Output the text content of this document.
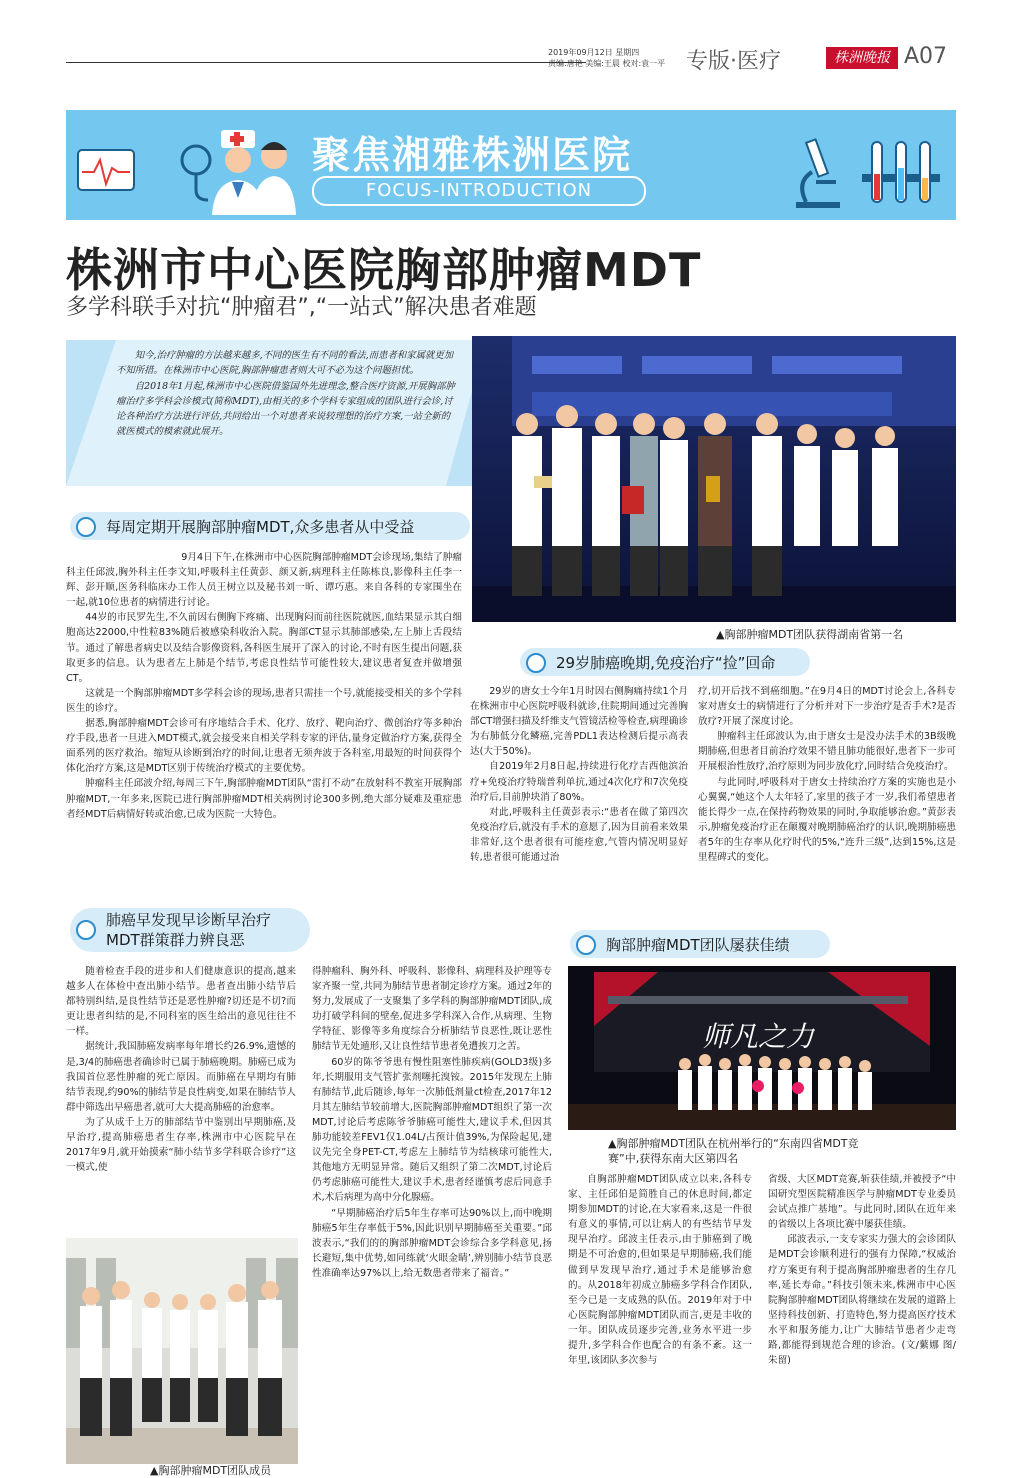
2019年09月12日 星期四
责编:唐艳 美编:王晨 校对:袁一平 专版·医疗	株洲晚报 A07
聚焦湘雅株洲医院
FOCUS-INTRODUCTION
株洲市中心医院胸部肿瘤MDT
多学科联手对抗“肿瘤君”,“一站式”解决患者难题

知今,治疗肿瘤的方法越来越多,不同的医生有不同的看法,而患者和家属就更加不知所措。在株洲市中心医院,胸部肿瘤患者则大可不必为这个问题担忧。

自2018年1月起,株洲市中心医院借鉴国外先进理念,整合医疗资源,开展胸部肿瘤治疗多学科会诊模式(简称MDT),由相关的多个学科专家组成的团队进行会诊,讨论各种治疗方法进行评估,共同给出一个对患者来说较理想的治疗方案,一站全新的就医模式的模索就此展开。

▲胸部肿瘤MDT团队获得湖南省第一名
每周定期开展胸部肿瘤MDT,众多患者从中受益

9月4日下午,在株洲市中心医院胸部肿瘤MDT会诊现场,集结了肿瘤科主任邱波,胸外科主任李文知,呼吸科主任黄彭、颜又新,病理科主任陈栋良,影像科主任李一辉、彭开顺,医务科临床办工作人员王树立以及秘书刘一昕、谭巧惠。来自各科的专家围坐在一起,就10位患者的病情进行讨论。

44岁的市民罗先生,不久前因右侧胸下疼痛、出现胸闷而前往医院就医,血结果显示其白细胞高达22000,中性粒83%随后被感染科收治入院。胸部CT显示其肺部感染,左上肺上舌段结节。通过了解患者病史以及结合影像资料,各科医生展开了深入的讨论,不时有医生提出问题,获取更多的信息。认为患者左上肺是个结节,考虑良性结节可能性较大,建议患者复查并做增强CT。

这就是一个胸部肿瘤MDT多学科会诊的现场,患者只需挂一个号,就能接受相关的多个学科医生的诊疗。

据悉,胸部肿瘤MDT会诊可有序地结合手术、化疗、放疗、靶向治疗、微创治疗等多种治疗手段,患者一旦进入MDT模式,就会接受来自相关学科专家的评估,量身定做治疗方案,获得全面系列的医疗救治。缩短从诊断到治疗的时间,让患者无须奔波于各科室,用最短的时间获得个体化治疗方案,这是MDT区别于传统治疗模式的主要优势。

肿瘤科主任邱波介绍,每周三下午,胸部肿瘤MDT团队“雷打不动”在放射科不教室开展胸部肿瘤MDT,一年多来,医院已进行胸部肿瘤MDT相关病例讨论300多例,绝大部分疑难及重症患者经MDT后病情好转或治愈,已成为医院一大特色。

29岁肺癌晚期,免疫治疗“捡”回命

29岁的唐女士今年1月时因右侧胸痛持续1个月在株洲市中心医院呼吸科就诊,住院期间通过完善胸部CT增强扫描及纤维支气管镜活检等检查,病理确诊为右肺低分化鳞癌,完善PDL1表达检测后提示高表达(大于50%)。

自2019年2月8日起,持续进行化疗吉西他滨治疗+免疫治疗特瑞普利单抗,通过4次化疗和7次免疫治疗后,目前肿块消了80%。

对此,呼吸科主任黄彭表示:“患者在做了第四次免疫治疗后,就没有手术的意愿了,因为目前看来效果非常好,这个患者很有可能痊愈,气管内情况明显好转,患者很可能通过治

疗,切开后找不到癌细胞。”在9月4日的MDT讨论会上,各科专家对唐女士的病情进行了分析并对下一步治疗是否手术?是否放疗?开展了深度讨论。

肿瘤科主任邱波认为,由于唐女士是没办法手术的3B级晚期肺癌,但患者目前治疗效果不错且肺功能很好,患者下一步可开展根治性放疗,治疗原则为同步放化疗,同时结合免疫治疗。

与此同时,呼吸科对于唐女士持续治疗方案的实施也是小心翼翼,“她这个人太年轻了,家里的孩子才一岁,我们希望患者能长得少一点,在保持药物效果的同时,争取能够治愈。”黄彭表示,肿瘤免疫治疗正在颠覆对晚期肺癌治疗的认识,晚期肺癌患者5年的生存率从化疗时代的5%,“连升三级”,达到15%,这是里程碑式的变化。

肺癌早发现早诊断早治疗
MDT群策群力辨良恶

随着检查手段的进步和人们健康意识的提高,越来越多人在体检中查出肺小结节。患者查出肺小结节后都特别纠结,是良性结节还是恶性肿瘤?切还是不切?而更让患者纠结的是,不同科室的医生给出的意见往往不一样。

据统计,我国肺癌发病率每年增长约26.9%,遗憾的是,3/4的肺癌患者确诊时已属于肺癌晚期。肺癌已成为我国首位恶性肿瘤的死亡原因。而肺癌在早期均有肺结节表现,约90%的肺结节是良性病变,如果在肺结节人群中筛选出早癌患者,就可大大提高肺癌的治愈率。

为了从成千上万的肺部结节中鉴别出早期肺癌,及早治疗,提高肺癌患者生存率,株洲市中心医院早在2017年9月,就开始摸索“肺小结节多学科联合诊疗”这一模式,使

得肿瘤科、胸外科、呼吸科、影像科、病理科及护理等专家齐聚一堂,共同为肺结节患者制定诊疗方案。通过2年的努力,发展成了一支聚集了多学科的胸部肿瘤MDT团队,成功打破学科间的壁垒,促进多学科深入合作,从病理、生物学特征、影像等多角度综合分析肺结节良恶性,既让恶性肺结节无处遁形,又让良性结节患者免遭挨刀之苦。

60岁的陈爷爷患有慢性阻塞性肺疾病(GOLD3级)多年,长期服用支气管扩张剂噻托溴铵。2015年发现左上肺有肺结节,此后随诊,每年一次肺低剂量ct检查,2017年12月其左肺结节较前增大,医院胸部肿瘤MDT组织了第一次MDT,讨论后考虑陈爷爷肺癌可能性大,建议手术,但因其肺功能较差FEV1仅1.04L/占预计值39%,为保险起见,建议先完全身PET-CT,考虑左上肺结节为结核球可能性大,其他地方无明显异常。随后又组织了第二次MDT,讨论后仍考虑肺癌可能性大,建议手术,患者经谨慎考虑后同意手术,术后病理为高中分化腺癌。

“早期肺癌治疗后5年生存率可达90%以上,而中晚期肺癌5年生存率低于5%,因此识别早期肺癌至关重要。”邱波表示,“我们的的胸部肿瘤MDT会诊综合多学科意见,扬长避短,集中优势,如同练就‘火眼金睛’,辨别肺小结节良恶性准确率达97%以上,给无数患者带来了福音。”

▲胸部肿瘤MDT团队成员
胸部肿瘤MDT团队屡获佳绩
师凡之力
▲胸部肿瘤MDT团队在杭州举行的“东南四省MDT竞
赛”中,获得东南大区第四名

自胸部肿瘤MDT团队成立以来,各科专家、主任邱伯是简胜自己的休息时间,都定期参加MDT的讨论,在大家看来,这是一件很有意义的事情,可以让病人的有些结节早发现早治疗。邱波主任表示,由于肺癌到了晚期是不可治愈的,但如果是早期肺癌,我们能做到早发现早治疗,通过手术是能够治愈的。从2018年初成立肺癌多学科合作团队,至今已是一支成熟的队伍。2019年对于中心医院胸部肿瘤MDT团队而言,更是丰收的一年。团队成员逐步完善,业务水平进一步提升,多学科合作也配合的有条不紊。这一年里,该团队多次参与

省级、大区MDT竞赛,斩获佳绩,并被授予“中国研究型医院精准医学与肿瘤MDT专业委员会试点推广基地”。与此同时,团队在近年来的省级以上各项比赛中屡获佳绩。

邱波表示,一支专家实力强大的会诊团队是MDT会诊顺利进行的强有力保障,“权威治疗方案更有利于提高胸部肿瘤患者的生存几率,延长寿命。”科技引领未来,株洲市中心医院胸部肿瘤MDT团队将继续在发展的道路上坚持科技创新、打造特色,努力提高医疗技术水平和服务能力,让广大肺结节患者少走弯路,都能得到规范合理的诊治。(文/蘩娜 图/朱留)
